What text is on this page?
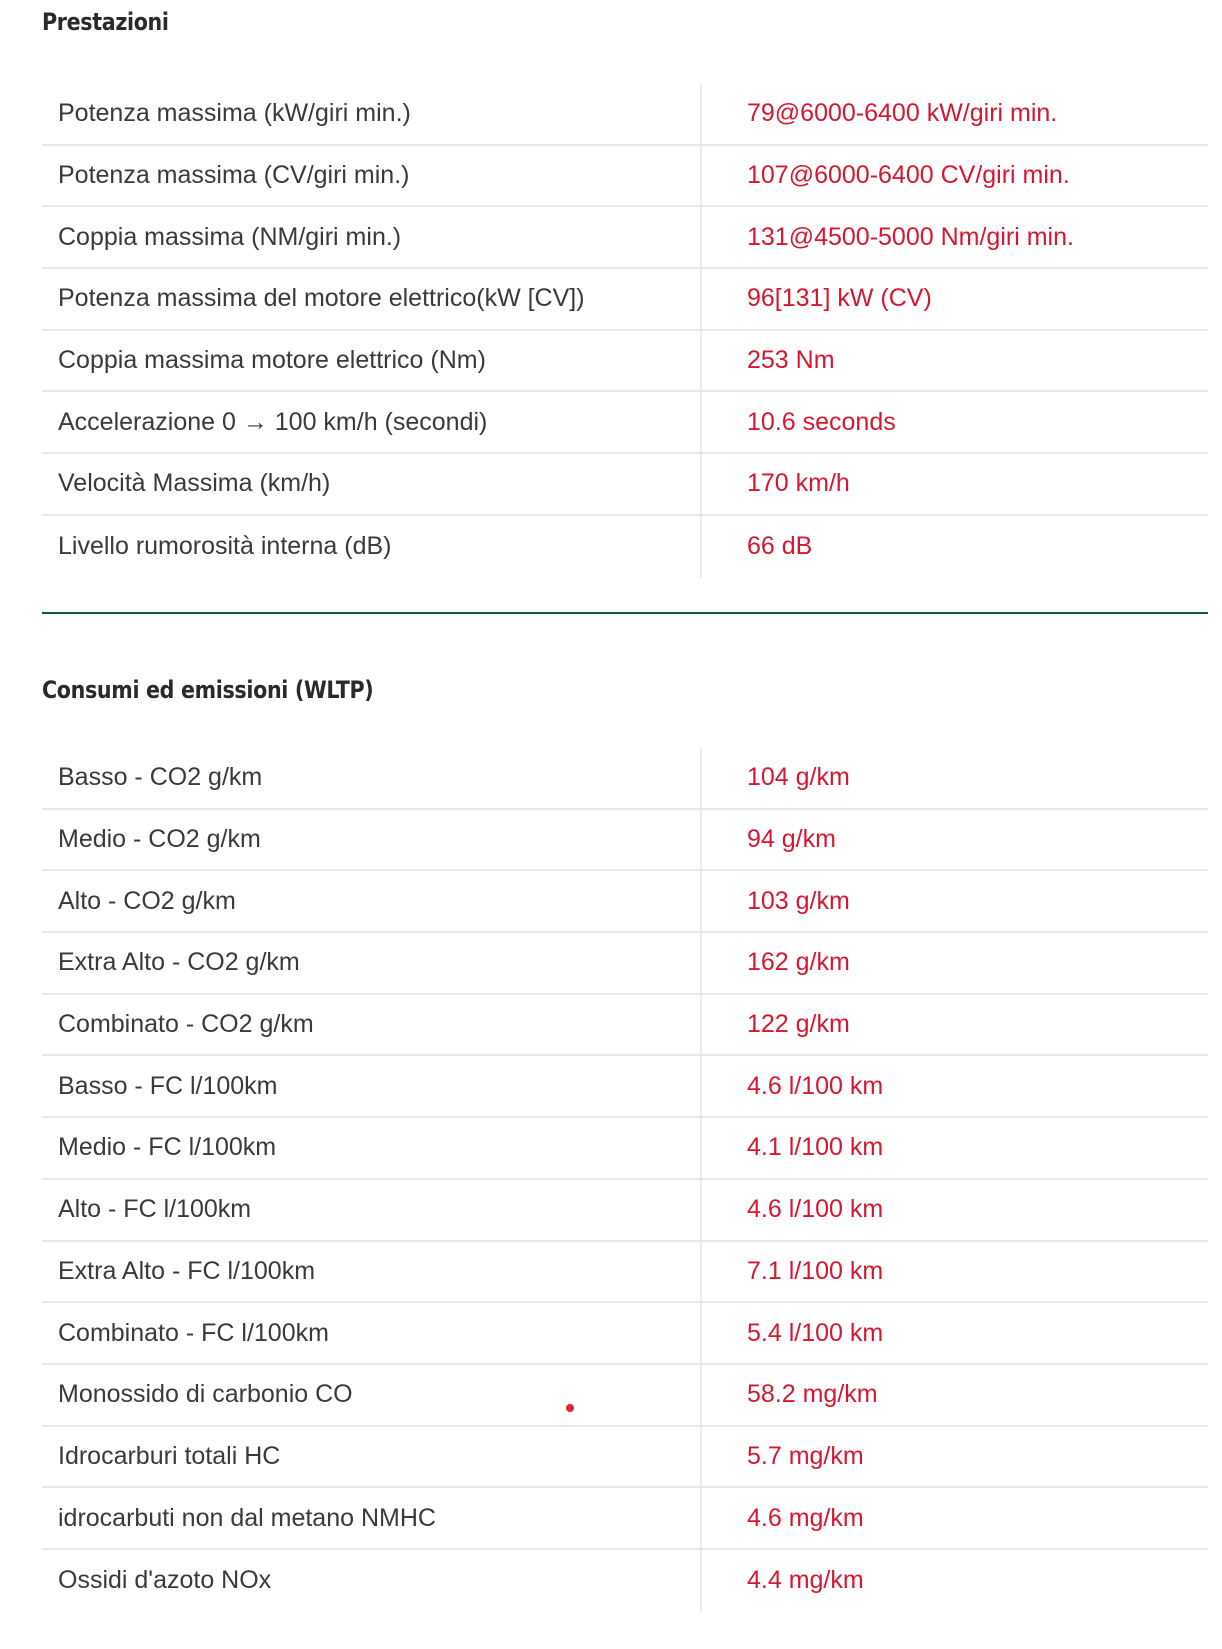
Prestazioni
Potenza massima (kW/giri min.)	79@6000-6400 kW/giri min.
Potenza massima (CV/giri min.)	107@6000-6400 CV/giri min.
Coppia massima (NM/giri min.)	131@4500-5000 Nm/giri min.
Potenza massima del motore elettrico(kW [CV])	96[131] kW (CV)
Coppia massima motore elettrico (Nm)	253 Nm
Accelerazione 0 → 100 km/h (secondi)	10.6 seconds
Velocità Massima (km/h)	170 km/h
Livello rumorosità interna (dB)	66 dB
Consumi ed emissioni (WLTP)
Basso - CO2 g/km	104 g/km
Medio - CO2 g/km	94 g/km
Alto - CO2 g/km	103 g/km
Extra Alto - CO2 g/km	162 g/km
Combinato - CO2 g/km	122 g/km
Basso - FC l/100km	4.6 l/100 km
Medio - FC l/100km	4.1 l/100 km
Alto - FC l/100km	4.6 l/100 km
Extra Alto - FC l/100km	7.1 l/100 km
Combinato - FC l/100km	5.4 l/100 km
Monossido di carbonio CO	58.2 mg/km
Idrocarburi totali HC	5.7 mg/km
idrocarbuti non dal metano NMHC	4.6 mg/km
Ossidi d'azoto NOx	4.4 mg/km
